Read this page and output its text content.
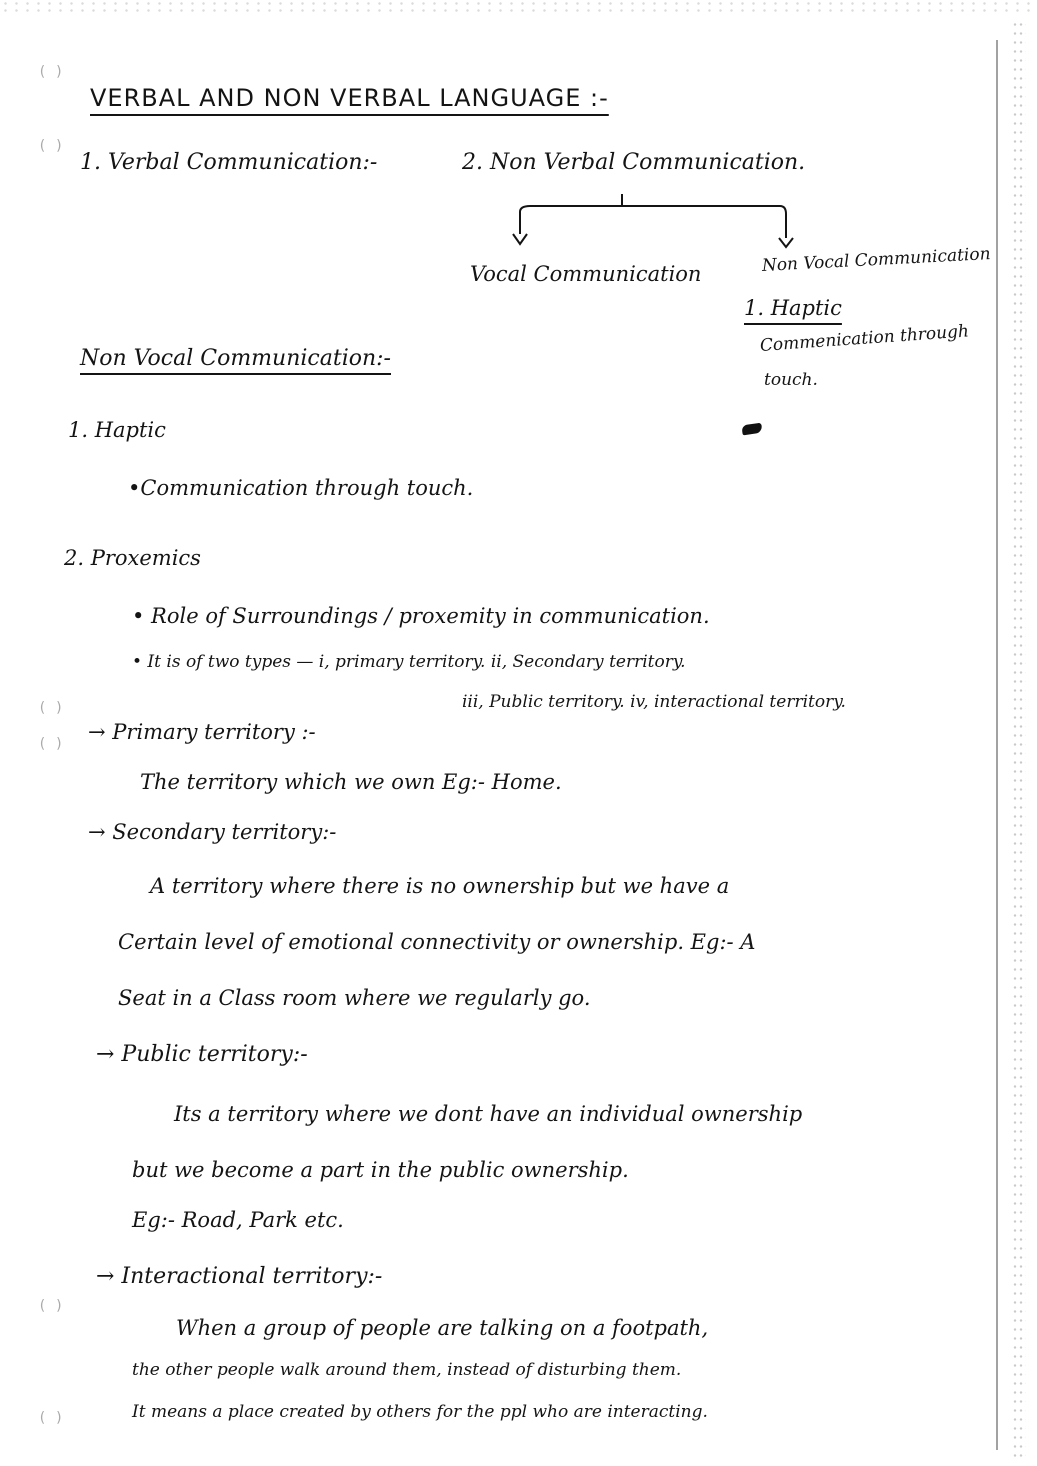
( )
( )
( )
( )
( )
( )
VERBAL AND NON VERBAL LANGUAGE :-
1. Verbal Communication:-	2. Non Verbal Communication.
Vocal Communication	Non Vocal Communication
1. Haptic
Commenication through
touch.
Non Vocal Communication:-
1. Haptic
•Communication through touch.
2. Proxemics
• Role of Surroundings / proxemity in communication.
• It is of two types — i, primary territory. ii, Secondary territory.
iii, Public territory. iv, interactional territory.
→ Primary territory :-
The territory which we own Eg:- Home.
→ Secondary territory:-
A territory where there is no ownership but we have a
Certain level of emotional connectivity or ownership. Eg:- A
Seat in a Class room where we regularly go.
→ Public territory:-
Its a territory where we dont have an individual ownership
but we become a part in the public ownership.
Eg:- Road, Park etc.
→ Interactional territory:-
When a group of people are talking on a footpath,
the other people walk around them, instead of disturbing them.
It means a place created by others for the ppl who are interacting.
